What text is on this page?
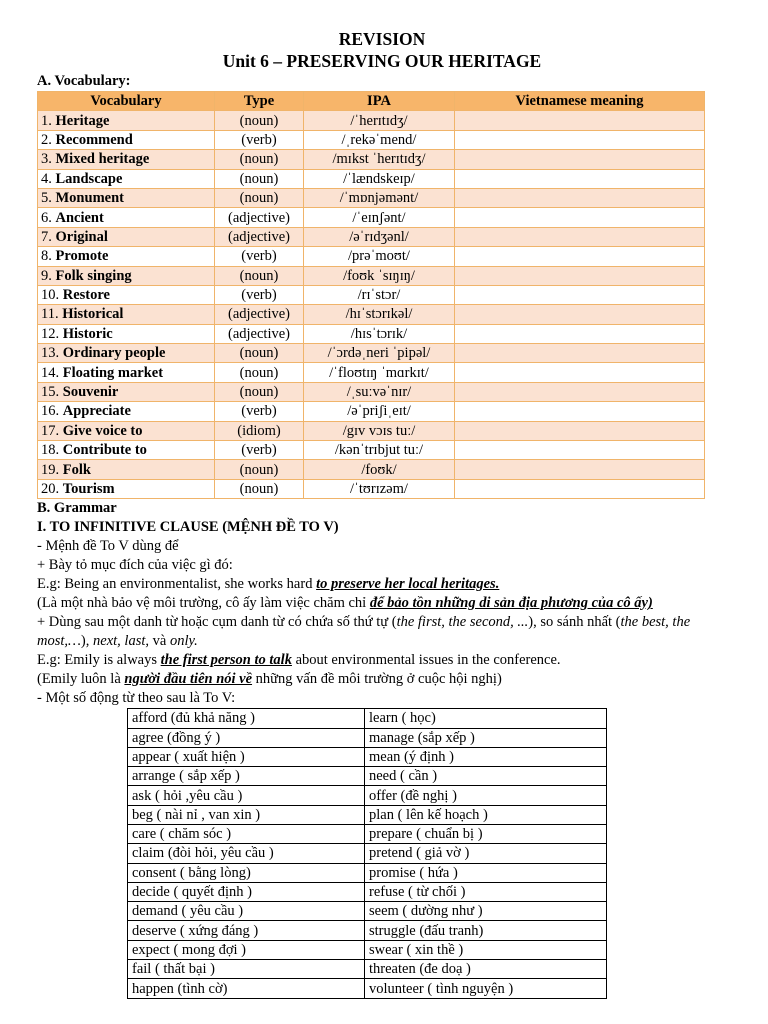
REVISION
Unit 6 – PRESERVING OUR HERITAGE
A. Vocabulary:
Vocabulary	Type	IPA	Vietnamese meaning
1. Heritage	(noun)	/ˈherɪtɪdʒ/	
2. Recommend	(verb)	/ˌrekəˈmend/	
3. Mixed heritage	(noun)	/mɪkst ˈherɪtɪdʒ/	
4. Landscape	(noun)	/ˈlændskeɪp/	
5. Monument	(noun)	/ˈmɒnjəmənt/	
6. Ancient	(adjective)	/ˈeɪnʃənt/	
7. Original	(adjective)	/əˈrɪdʒənl/	
8. Promote	(verb)	/prəˈmoʊt/	
9. Folk singing	(noun)	/foʊk ˈsɪŋɪŋ/	
10. Restore	(verb)	/rɪˈstɔr/	
11. Historical	(adjective)	/hɪˈstɔrɪkəl/	
12. Historic	(adjective)	/hɪsˈtɔrɪk/	
13. Ordinary people	(noun)	/ˈɔrdəˌneri ˈpipəl/	
14. Floating market	(noun)	/ˈfloʊtɪŋ ˈmɑrkɪt/	
15. Souvenir	(noun)	/ˌsuːvəˈnɪr/	
16. Appreciate	(verb)	/əˈpriʃiˌeɪt/	
17. Give voice to	(idiom)	/gɪv vɔɪs tuː/	
18. Contribute to	(verb)	/kənˈtrɪbjut tuː/	
19. Folk	(noun)	/foʊk/	
20. Tourism	(noun)	/ˈtʊrɪzəm/	
B. Grammar
I. TO INFINITIVE CLAUSE (MỆNH ĐỀ TO V)

- Mệnh đề To V dùng để

+ Bày tỏ mục đích của việc gì đó:

E.g: Being an environmentalist, she works hard to preserve her local heritages.

(Là một nhà bảo vệ môi trường, cô ấy làm việc chăm chỉ để bảo tồn những di sản địa phương của cô ấy)

+ Dùng sau một danh từ hoặc cụm danh từ có chứa số thứ tự (the first, the second, ...), so sánh nhất (the best, the most,…), next, last, và only.

E.g: Emily is always the first person to talk about environmental issues in the conference.

(Emily luôn là người đầu tiên nói về những vấn đề môi trường ở cuộc hội nghị)

- Một số động từ theo sau là To V:

afford (đủ khả năng )	learn ( học)
agree (đồng ý )	manage (sắp xếp )
appear ( xuất hiện )	mean (ý định )
arrange ( sắp xếp )	need ( cần )
ask ( hỏi ,yêu cầu )	offer (đề nghị )
beg ( nài nỉ , van xin )	plan ( lên kế hoạch )
care ( chăm sóc )	prepare ( chuẩn bị )
claim (đòi hỏi, yêu cầu )	pretend ( giả vờ )
consent ( bằng lòng)	promise ( hứa )
decide ( quyết định )	refuse ( từ chối )
demand ( yêu cầu )	seem ( dường như )
deserve ( xứng đáng )	struggle (đấu tranh)
expect ( mong đợi )	swear ( xin thề )
fail ( thất bại )	threaten (đe doạ )
happen (tình cờ)	volunteer ( tình nguyện )
